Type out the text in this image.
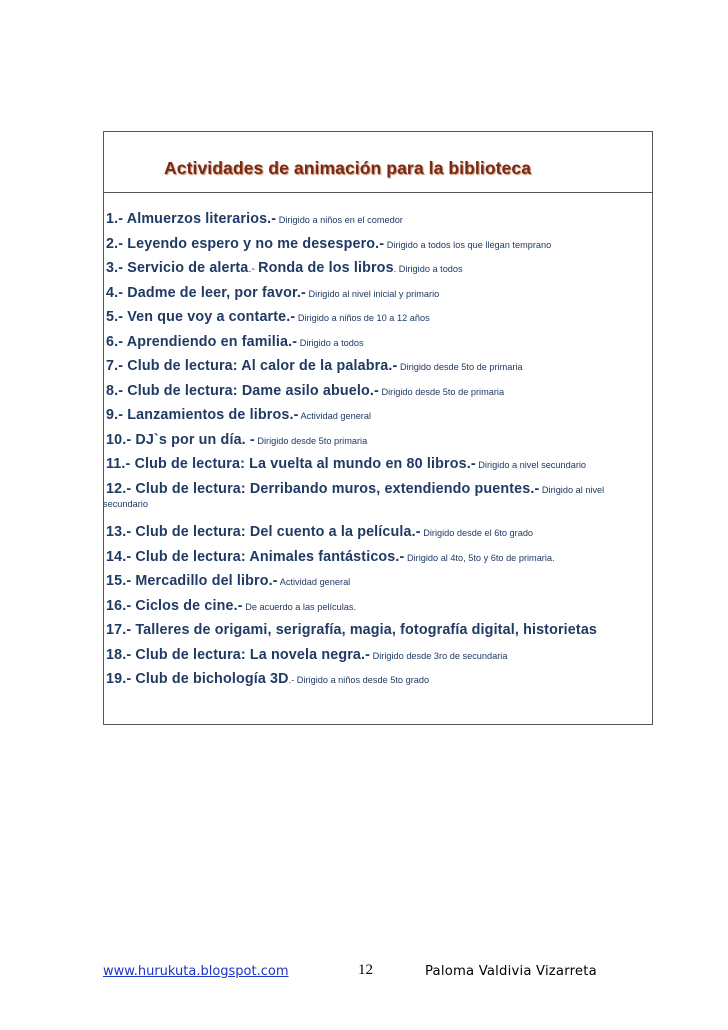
Actividades de animación para la biblioteca
1.- Almuerzos literarios.- Dirigido a niños en el comedor
2.- Leyendo espero y no me desespero.- Dirigido a todos los que llegan temprano
3.- Servicio de alerta.- Ronda de los libros. Dirigido a todos
4.- Dadme de leer, por favor.- Dirigido al nivel inicial y primario
5.- Ven que voy a contarte.- Dirigido a niños de 10 a 12 años
6.- Aprendiendo en familia.- Dirigido a todos
7.- Club de lectura: Al calor de la palabra.- Dirigido desde 5to de primaria
8.- Club de lectura: Dame asilo abuelo.- Dirigido desde 5to de primaria
9.- Lanzamientos de libros.- Actividad general
10.- DJ`s por un día. - Dirigido desde 5to primaria
11.- Club de lectura: La vuelta al mundo en 80 libros.- Dirigido a nivel secundario
12.- Club de lectura: Derribando muros, extendiendo puentes.- Dirigido al nivel
secundario
13.- Club de lectura: Del cuento a la película.- Dirigido desde el 6to grado
14.- Club de lectura: Animales fantásticos.- Dirigido al 4to, 5to y 6to de primaria.
15.- Mercadillo del libro.- Actividad general
16.- Ciclos de cine.- De acuerdo a las películas.
17.- Talleres de origami, serigrafía, magia, fotografía digital, historietas
18.- Club de lectura: La novela negra.- Dirigido desde 3ro de secundaria
19.- Club de bichología 3D.- Dirigido a niños desde 5to grado
www.hurukuta.blogspot.com	12	Paloma Valdivia Vizarreta
